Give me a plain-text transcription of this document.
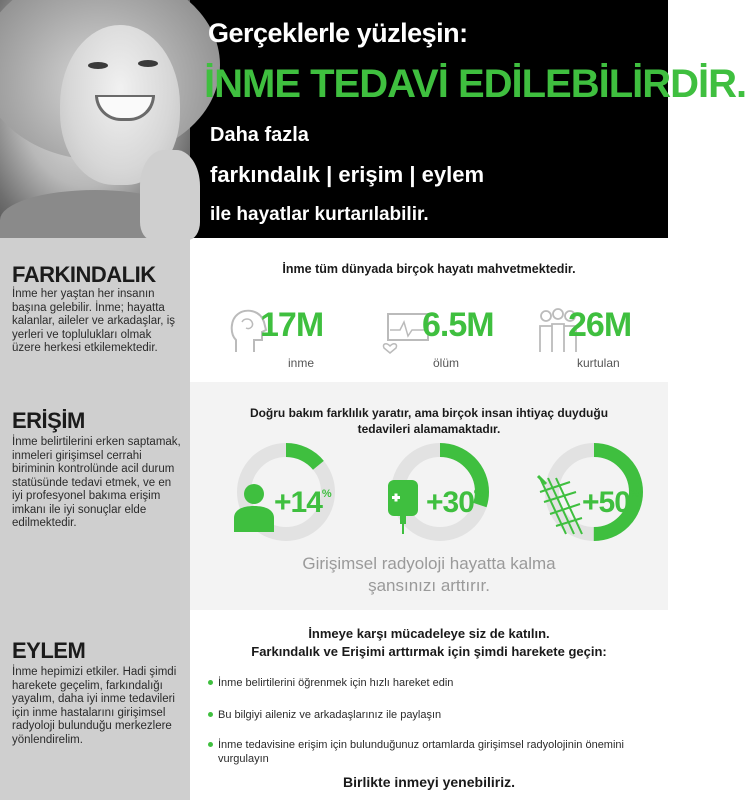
Gerçeklerle yüzleşin:
İNME TEDAVİ EDİLEBİLİRDİR.
Daha fazla
farkındalık | erişim | eylem
ile hayatlar kurtarılabilir.
FARKINDALIK

İnme her yaştan her insanın başına gelebilir. İnme; hayatta kalanlar, aileler ve arkadaşlar, iş yerleri ve toplulukları olmak üzere herkesi etkilemektedir.

İnme tüm dünyada birçok hayatı mahvetmektedir.
17M
inme
6.5M
ölüm
26M
kurtulan
ERİŞİM

İnme belirtilerini erken saptamak, inmeleri girişimsel cerrahi biriminin kontrolünde acil durum statüsünde tedavi etmek, ve en iyi profesyonel bakıma erişim imkanı ile iyi sonuçlar elde edilmektedir.

Doğru bakım farklılık yaratır, ama birçok insan ihtiyaç duyduğu
tedavileri alamamaktadır.
+14%	+30%	+50%
Girişimsel radyoloji hayatta kalma
şansınızı arttırır.
EYLEM

İnme hepimizi etkiler. Hadi şimdi harekete geçelim, farkındalığı yayalım, daha iyi inme tedavileri için inme hastalarını girişimsel radyoloji bulunduğu merkezlere yönlendirelim.

İnmeye karşı mücadeleye siz de katılın.
Farkındalık ve Erişimi arttırmak için şimdi harekete geçin:
İnme belirtilerini öğrenmek için hızlı hareket edin
Bu bilgiyi aileniz ve arkadaşlarınız ile paylaşın
İnme tedavisine erişim için bulunduğunuz ortamlarda girişimsel radyolojinin önemini vurgulayın
Birlikte inmeyi yenebiliriz.
